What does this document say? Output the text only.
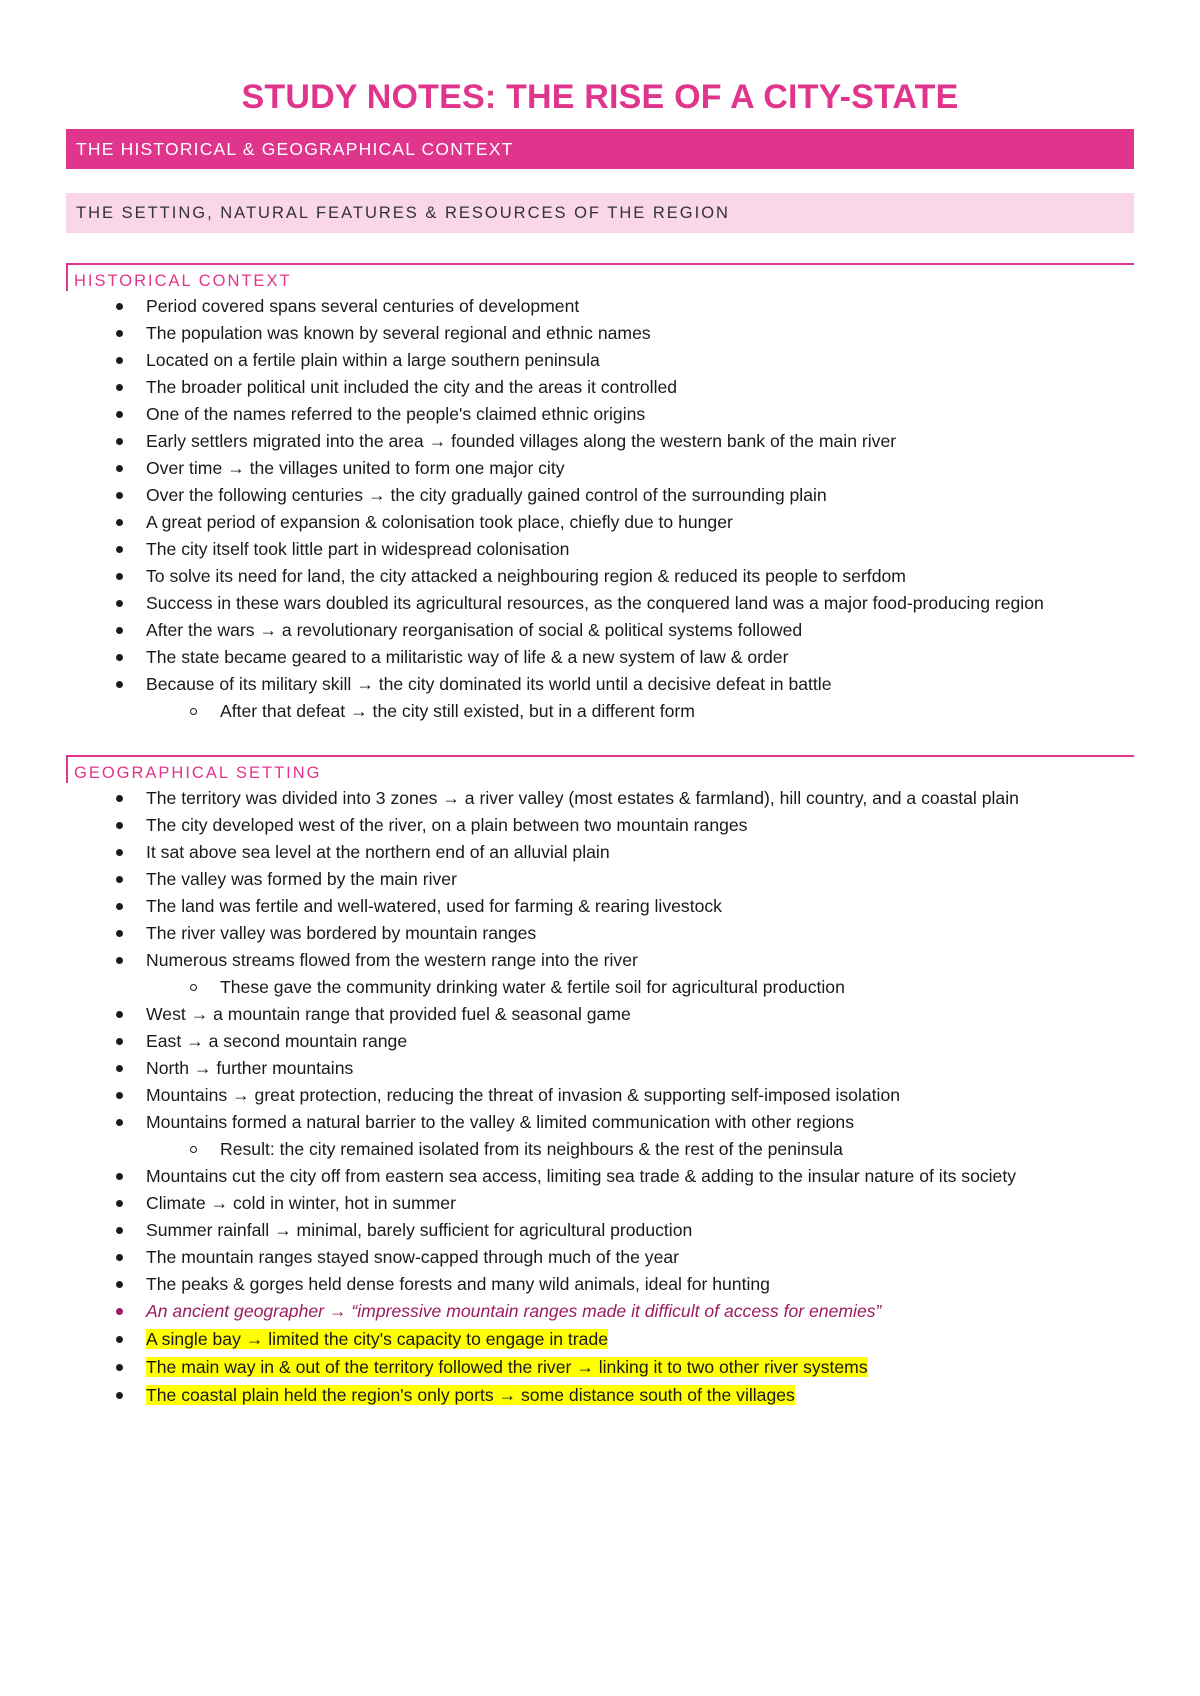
STUDY NOTES: THE RISE OF A CITY-STATE
THE HISTORICAL & GEOGRAPHICAL CONTEXT
THE SETTING, NATURAL FEATURES & RESOURCES OF THE REGION
HISTORICAL CONTEXT
Period covered spans several centuries of development
The population was known by several regional and ethnic names
Located on a fertile plain within a large southern peninsula
The broader political unit included the city and the areas it controlled
One of the names referred to the people's claimed ethnic origins
Early settlers migrated into the area → founded villages along the western bank of the main river
Over time → the villages united to form one major city
Over the following centuries → the city gradually gained control of the surrounding plain
A great period of expansion & colonisation took place, chiefly due to hunger
The city itself took little part in widespread colonisation
To solve its need for land, the city attacked a neighbouring region & reduced its people to serfdom
Success in these wars doubled its agricultural resources, as the conquered land was a major food-producing region
After the wars → a revolutionary reorganisation of social & political systems followed
The state became geared to a militaristic way of life & a new system of law & order
Because of its military skill → the city dominated its world until a decisive defeat in battle
After that defeat → the city still existed, but in a different form
GEOGRAPHICAL SETTING
The territory was divided into 3 zones → a river valley (most estates & farmland), hill country, and a coastal plain
The city developed west of the river, on a plain between two mountain ranges
It sat above sea level at the northern end of an alluvial plain
The valley was formed by the main river
The land was fertile and well-watered, used for farming & rearing livestock
The river valley was bordered by mountain ranges
Numerous streams flowed from the western range into the river
These gave the community drinking water & fertile soil for agricultural production
West → a mountain range that provided fuel & seasonal game
East → a second mountain range
North → further mountains
Mountains → great protection, reducing the threat of invasion & supporting self-imposed isolation
Mountains formed a natural barrier to the valley & limited communication with other regions
Result: the city remained isolated from its neighbours & the rest of the peninsula
Mountains cut the city off from eastern sea access, limiting sea trade & adding to the insular nature of its society
Climate → cold in winter, hot in summer
Summer rainfall → minimal, barely sufficient for agricultural production
The mountain ranges stayed snow-capped through much of the year
The peaks & gorges held dense forests and many wild animals, ideal for hunting
An ancient geographer → “impressive mountain ranges made it difficult of access for enemies”
A single bay → limited the city's capacity to engage in trade
The main way in & out of the territory followed the river → linking it to two other river systems
The coastal plain held the region's only ports → some distance south of the villages
